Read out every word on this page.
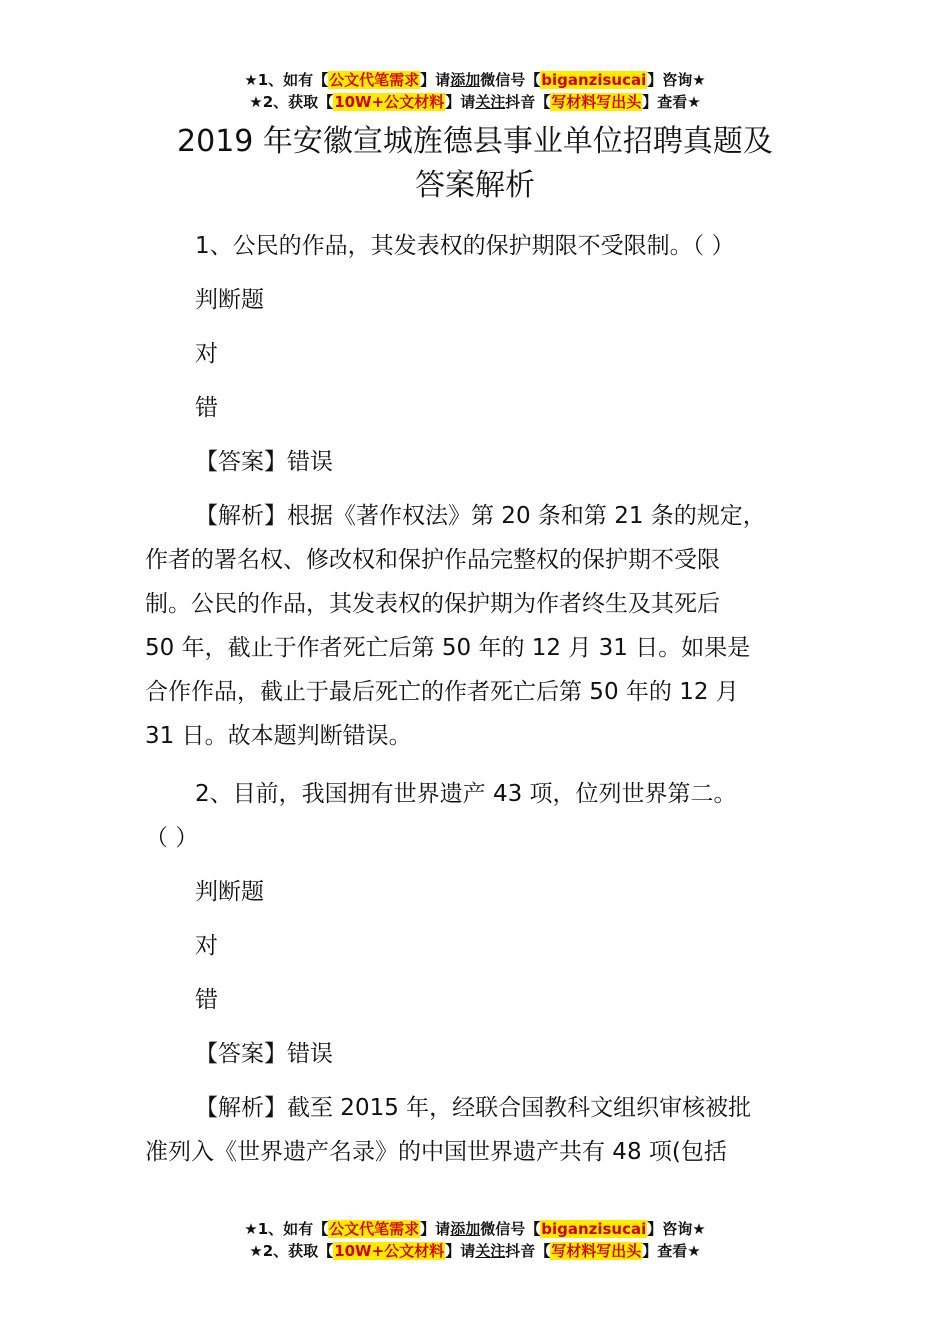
★1、如有【公文代笔需求】请添加微信号【biganzisucai】咨询★
★2、获取【10W+公文材料】请关注抖音【写材料写出头】查看★
2019 年安徽宣城旌德县事业单位招聘真题及
答案解析

1、公民的作品，其发表权的保护期限不受限制。（ ）

判断题

对

错

【答案】错误

【解析】根据《著作权法》第 20 条和第 21 条的规定，

作者的署名权、修改权和保护作品完整权的保护期不受限

制。公民的作品，其发表权的保护期为作者终生及其死后

50 年，截止于作者死亡后第 50 年的 12 月 31 日。如果是

合作作品，截止于最后死亡的作者死亡后第 50 年的 12 月

31 日。故本题判断错误。

2、目前，我国拥有世界遗产 43 项，位列世界第二。

（ ）

判断题

对

错

【答案】错误

【解析】截至 2015 年，经联合国教科文组织审核被批

准列入《世界遗产名录》的中国世界遗产共有 48 项(包括

★1、如有【公文代笔需求】请添加微信号【biganzisucai】咨询★
★2、获取【10W+公文材料】请关注抖音【写材料写出头】查看★
